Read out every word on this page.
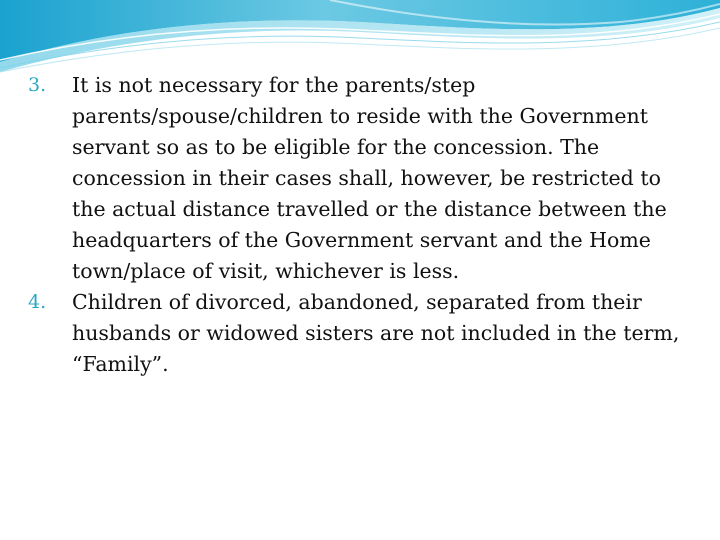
3. It is not necessary for the parents/step parents/spouse/children to reside with the Government servant so as to be eligible for the concession. The concession in their cases shall, however, be restricted to the actual distance travelled or the distance between the headquarters of the Government servant and the Home town/place of visit, whichever is less.

4. Children of divorced, abandoned, separated from their husbands or widowed sisters are not included in the term, “Family”.
